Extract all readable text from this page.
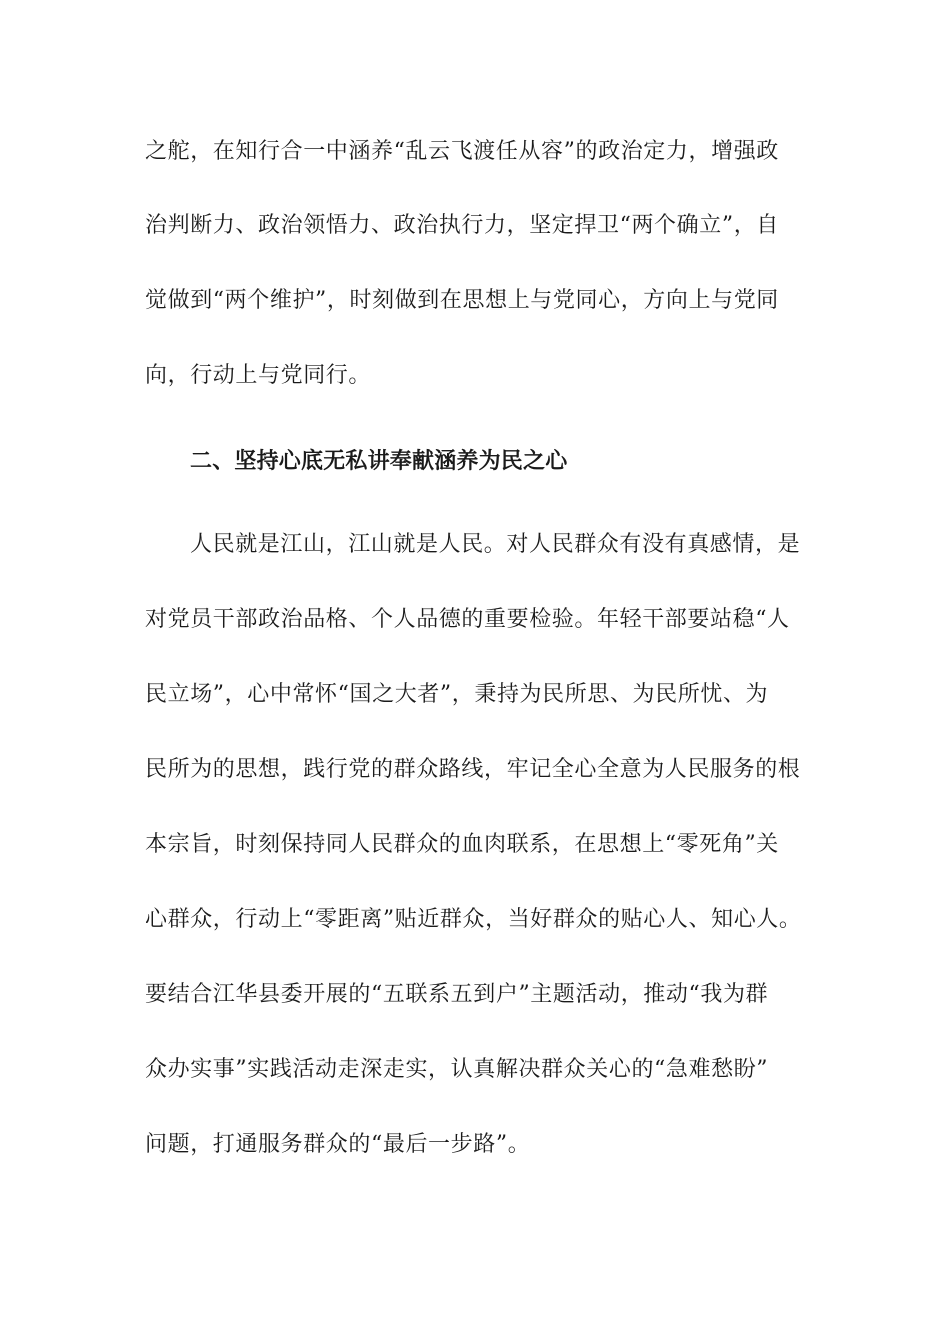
之舵，在知行合一中涵养“乱云飞渡任从容”的政治定力，增强政
治判断力、政治领悟力、政治执行力，坚定捍卫“两个确立”，自
觉做到“两个维护”，时刻做到在思想上与党同心，方向上与党同
向，行动上与党同行。
二、坚持心底无私讲奉献涵养为民之心
人民就是江山，江山就是人民。对人民群众有没有真感情，是
对党员干部政治品格、个人品德的重要检验。年轻干部要站稳“人
民立场”，心中常怀“国之大者”，秉持为民所思、为民所忧、为
民所为的思想，践行党的群众路线，牢记全心全意为人民服务的根
本宗旨，时刻保持同人民群众的血肉联系，在思想上“零死角”关
心群众，行动上“零距离”贴近群众，当好群众的贴心人、知心人。
要结合江华县委开展的“五联系五到户”主题活动，推动“我为群
众办实事”实践活动走深走实，认真解决群众关心的“急难愁盼”
问题，打通服务群众的“最后一步路”。
